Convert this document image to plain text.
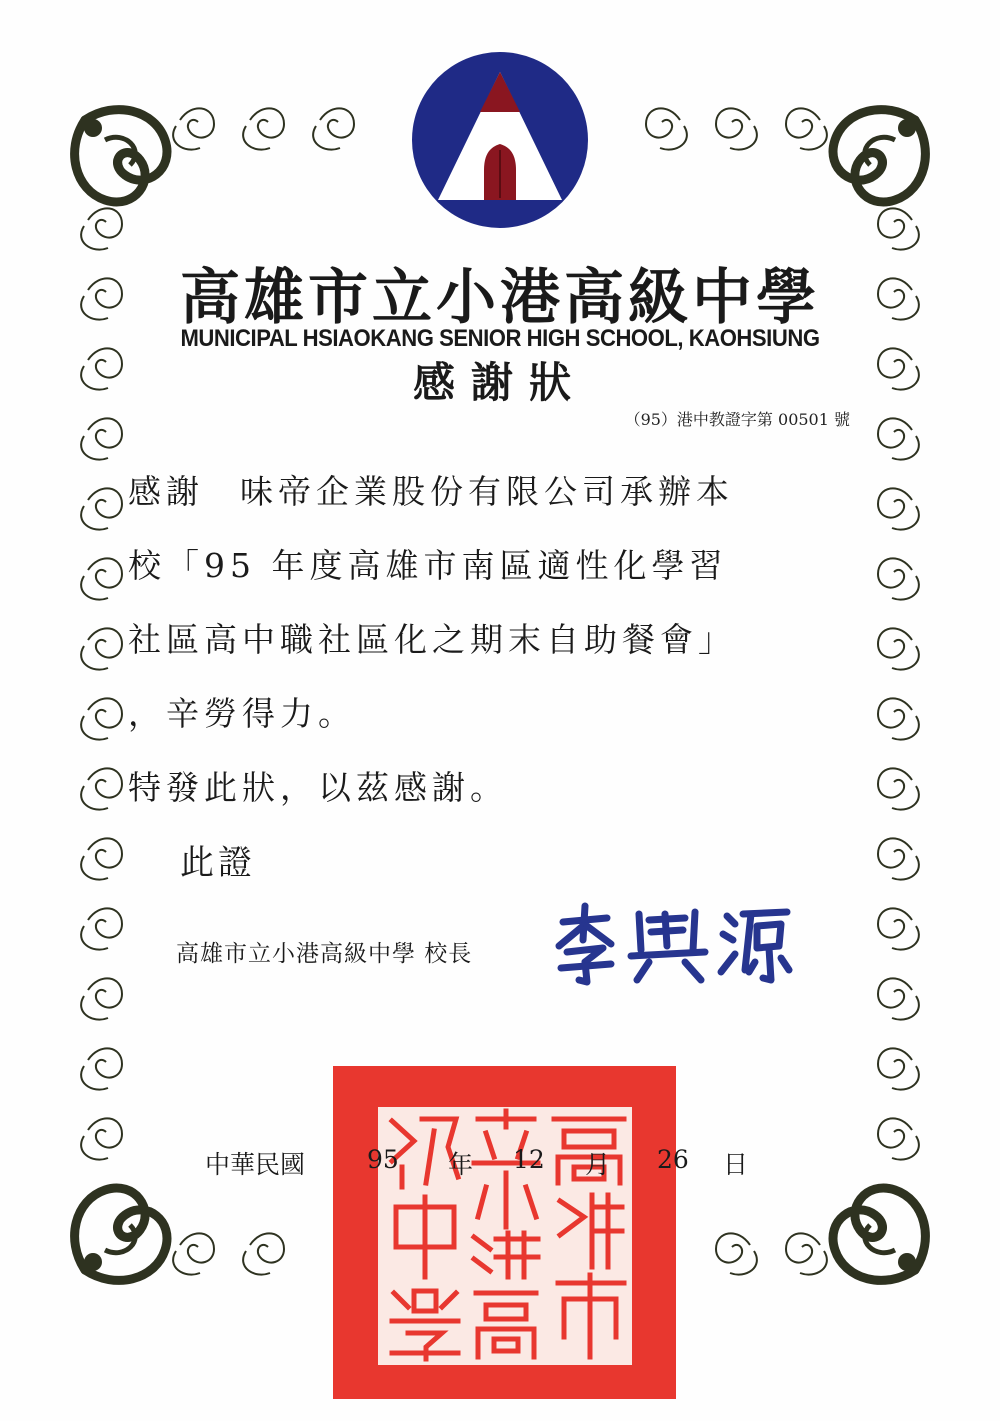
高雄市立小港高級中學
MUNICIPAL HSIAOKANG SENIOR HIGH SCHOOL, KAOHSIUNG
感謝狀
（95）港中教證字第 00501 號
感謝 味帝企業股份有限公司承辦本
校「95 年度高雄市南區適性化學習
社區高中職社區化之期末自助餐會」
，辛勞得力。
特發此狀，以茲感謝。
此證
高雄市立小港高級中學 校長
中華民國 95 年 12 月 26 日
